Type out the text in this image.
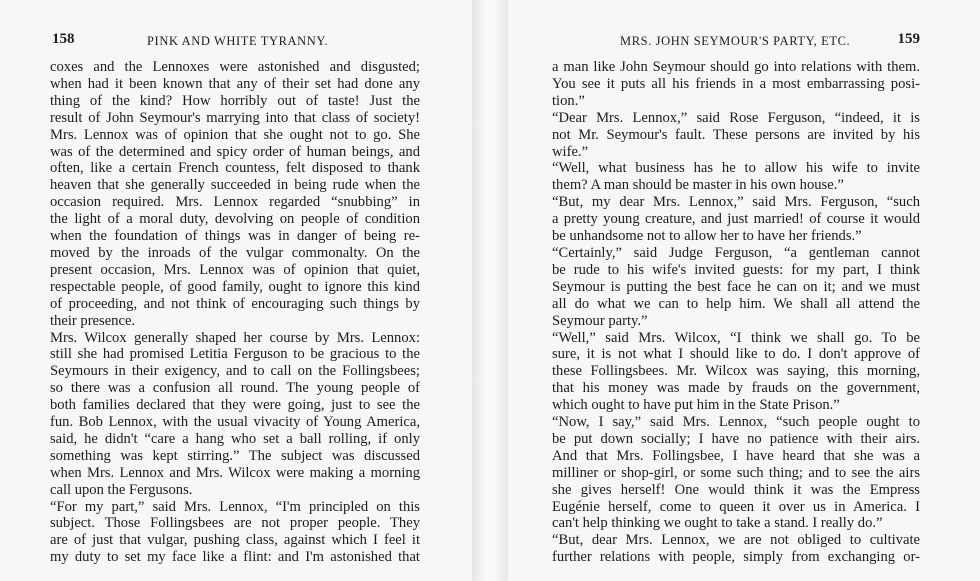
158	PINK AND WHITE TYRANNY.
coxes and the Lennoxes were astonished and disgusted;
when had it been known that any of their set had done any
thing of the kind? How horribly out of taste! Just the
result of John Seymour's marrying into that class of society!
Mrs. Lennox was of opinion that she ought not to go. She
was of the determined and spicy order of human beings, and
often, like a certain French countess, felt disposed to thank
heaven that she generally succeeded in being rude when the
occasion required. Mrs. Lennox regarded “snubbing” in
the light of a moral duty, devolving on people of condition
when the foundation of things was in danger of being re-
moved by the inroads of the vulgar commonalty. On the
present occasion, Mrs. Lennox was of opinion that quiet,
respectable people, of good family, ought to ignore this kind
of proceeding, and not think of encouraging such things by
their presence.
Mrs. Wilcox generally shaped her course by Mrs. Lennox:
still she had promised Letitia Ferguson to be gracious to the
Seymours in their exigency, and to call on the Follingsbees;
so there was a confusion all round. The young people of
both families declared that they were going, just to see the
fun. Bob Lennox, with the usual vivacity of Young America,
said, he didn't “care a hang who set a ball rolling, if only
something was kept stirring.” The subject was discussed
when Mrs. Lennox and Mrs. Wilcox were making a morning
call upon the Fergusons.
“For my part,” said Mrs. Lennox, “I'm principled on this
subject. Those Follingsbees are not proper people. They
are of just that vulgar, pushing class, against which I feel it
my duty to set my face like a flint: and I'm astonished that
MRS. JOHN SEYMOUR'S PARTY, ETC.	159
a man like John Seymour should go into relations with them.
You see it puts all his friends in a most embarrassing posi-
tion.”
“Dear Mrs. Lennox,” said Rose Ferguson, “indeed, it is
not Mr. Seymour's fault. These persons are invited by his
wife.”
“Well, what business has he to allow his wife to invite
them? A man should be master in his own house.”
“But, my dear Mrs. Lennox,” said Mrs. Ferguson, “such
a pretty young creature, and just married! of course it would
be unhandsome not to allow her to have her friends.”
“Certainly,” said Judge Ferguson, “a gentleman cannot
be rude to his wife's invited guests: for my part, I think
Seymour is putting the best face he can on it; and we must
all do what we can to help him. We shall all attend the
Seymour party.”
“Well,” said Mrs. Wilcox, “I think we shall go. To be
sure, it is not what I should like to do. I don't approve of
these Follingsbees. Mr. Wilcox was saying, this morning,
that his money was made by frauds on the government,
which ought to have put him in the State Prison.”
“Now, I say,” said Mrs. Lennox, “such people ought to
be put down socially; I have no patience with their airs.
And that Mrs. Follingsbee, I have heard that she was a
milliner or shop-girl, or some such thing; and to see the airs
she gives herself! One would think it was the Empress
Eugénie herself, come to queen it over us in America. I
can't help thinking we ought to take a stand. I really do.”
“But, dear Mrs. Lennox, we are not obliged to cultivate
further relations with people, simply from exchanging or-
